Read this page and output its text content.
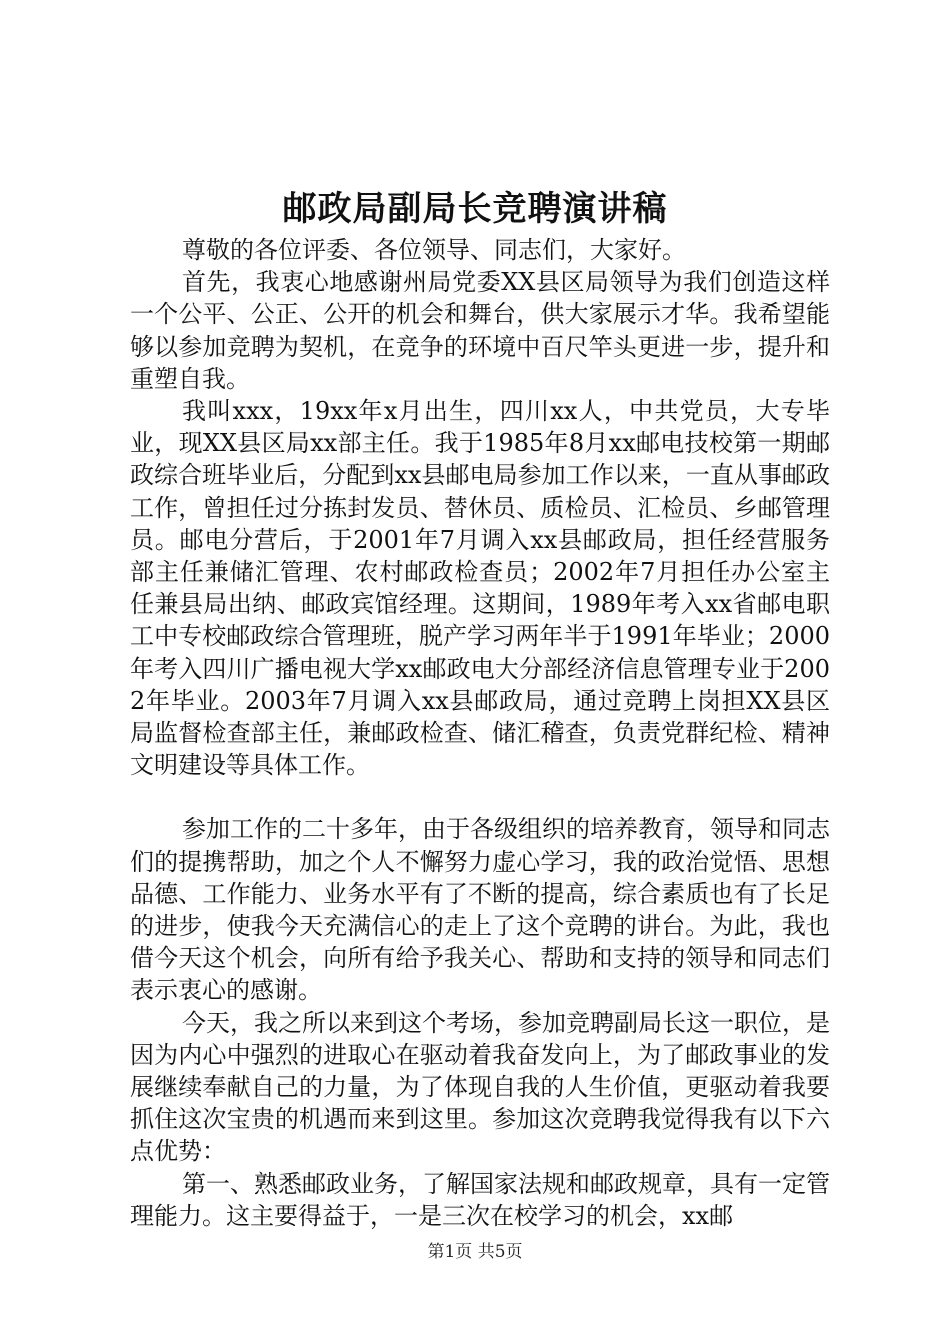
邮政局副局长竞聘演讲稿

尊敬的各位评委、各位领导、同志们，大家好。

首先，我衷心地感谢州局党委XX县区局领导为我们创造这样一个公平、公正、公开的机会和舞台，供大家展示才华。我希望能够以参加竞聘为契机，在竞争的环境中百尺竿头更进一步，提升和重塑自我。

我叫xxx，19xx年x月出生，四川xx人，中共党员，大专毕业，现XX县区局xx部主任。我于1985年8月xx邮电技校第一期邮政综合班毕业后，分配到xx县邮电局参加工作以来，一直从事邮政工作，曾担任过分拣封发员、替休员、质检员、汇检员、乡邮管理员。邮电分营后，于2001年7月调入xx县邮政局，担任经营服务部主任兼储汇管理、农村邮政检查员；2002年7月担任办公室主任兼县局出纳、邮政宾馆经理。这期间，1989年考入xx省邮电职工中专校邮政综合管理班，脱产学习两年半于1991年毕业；2000年考入四川广播电视大学xx邮政电大分部经济信息管理专业于2002年毕业。2003年7月调入xx县邮政局，通过竞聘上岗担XX县区局监督检查部主任，兼邮政检查、储汇稽查，负责党群纪检、精神文明建设等具体工作。

参加工作的二十多年，由于各级组织的培养教育，领导和同志们的提携帮助，加之个人不懈努力虚心学习，我的政治觉悟、思想品德、工作能力、业务水平有了不断的提高，综合素质也有了长足的进步，使我今天充满信心的走上了这个竞聘的讲台。为此，我也借今天这个机会，向所有给予我关心、帮助和支持的领导和同志们表示衷心的感谢。

今天，我之所以来到这个考场，参加竞聘副局长这一职位，是因为内心中强烈的进取心在驱动着我奋发向上，为了邮政事业的发展继续奉献自己的力量，为了体现自我的人生价值，更驱动着我要抓住这次宝贵的机遇而来到这里。参加这次竞聘我觉得我有以下六点优势：

第一、熟悉邮政业务，了解国家法规和邮政规章，具有一定管理能力。这主要得益于，一是三次在校学习的机会，xx邮

第1页 共5页
